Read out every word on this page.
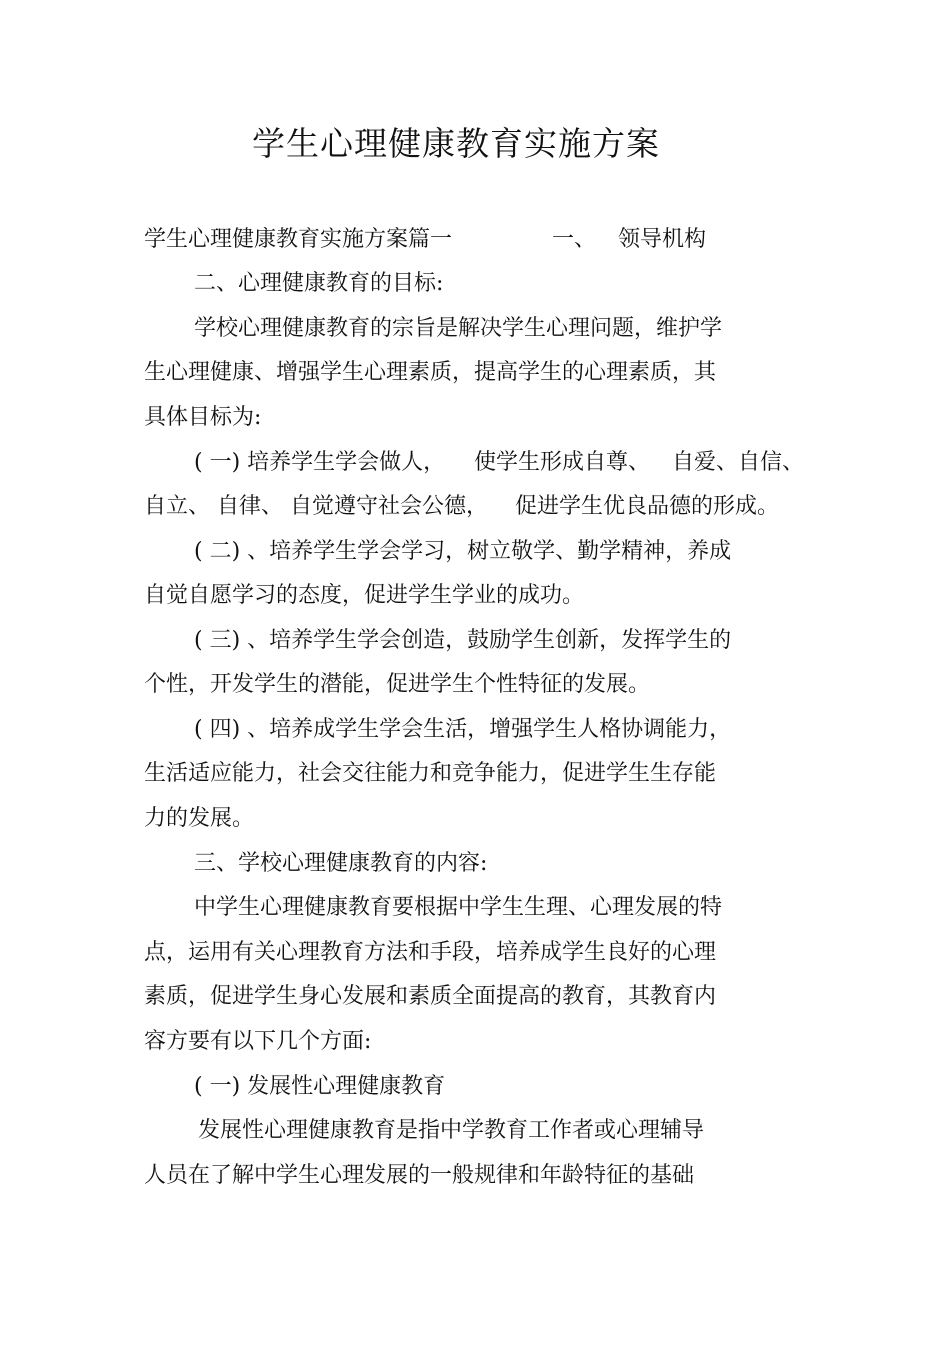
学生心理健康教育实施方案
学生心理健康教育实施方案篇一	一、 领导机构
二、心理健康教育的目标:
学校心理健康教育的宗旨是解决学生心理问题，维护学
生心理健康、增强学生心理素质，提高学生的心理素质，其
具体目标为:
( 一) 培养学生学会做人， 使学生形成自尊、 自爱、自信、
自立、 自律、 自觉遵守社会公德， 促进学生优良品德的形成。
( 二) 、培养学生学会学习，树立敬学、勤学精神，养成
自觉自愿学习的态度，促进学生学业的成功。
( 三) 、培养学生学会创造，鼓励学生创新，发挥学生的
个性，开发学生的潜能，促进学生个性特征的发展。
( 四) 、培养成学生学会生活，增强学生人格协调能力，
生活适应能力，社会交往能力和竞争能力，促进学生生存能
力的发展。
三、学校心理健康教育的内容:
中学生心理健康教育要根据中学生生理、心理发展的特
点，运用有关心理教育方法和手段，培养成学生良好的心理
素质，促进学生身心发展和素质全面提高的教育，其教育内
容方要有以下几个方面:
( 一) 发展性心理健康教育
发展性心理健康教育是指中学教育工作者或心理辅导
人员在了解中学生心理发展的一般规律和年龄特征的基础
